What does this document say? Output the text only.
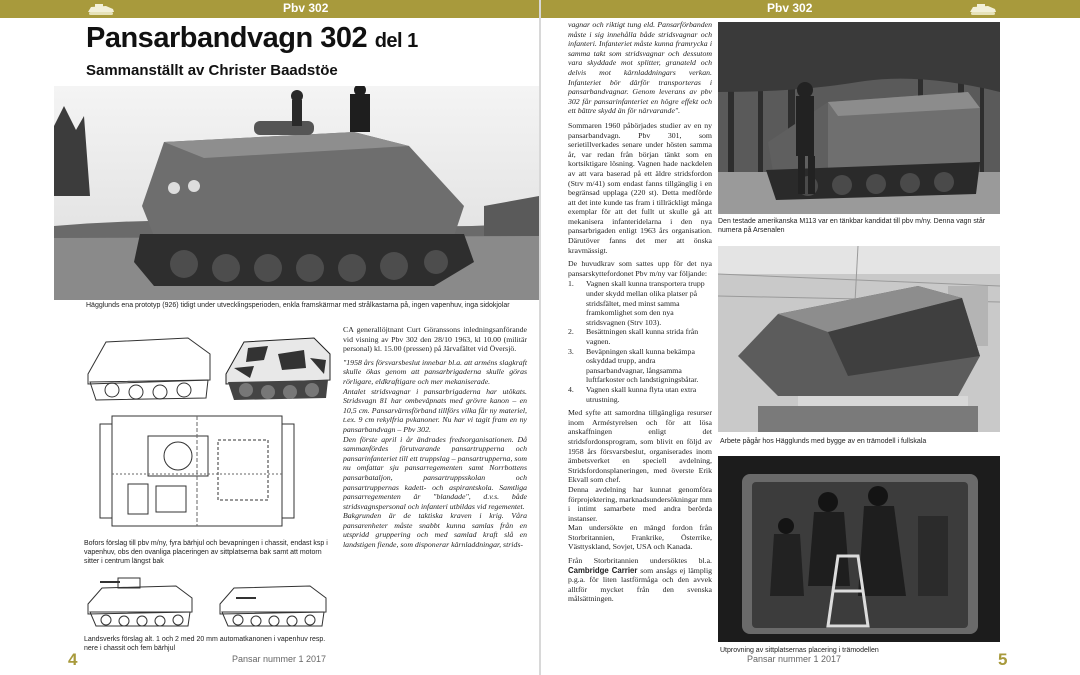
Pbv 302	Pbv 302
Pansarbandvagn 302 del 1
Sammanställt av Christer Baadstöe
Hägglunds ena prototyp (926) tidigt under utvecklingsperioden, enkla framskärmar med strålkastarna på, ingen vapenhuv, inga sidokjolar
Bofors förslag till pbv m/ny, fyra bärhjul och bevapningen i chassit, endast ksp i vapenhuv, obs den ovanliga placeringen av sittplatserna bak samt att motorn sitter i centrum längst bak
Landsverks förslag alt. 1 och 2 med 20 mm automatkanonen i vapenhuv resp. nere i chassit och fem bärhjul

CA generallöjtnant Curt Göranssons inledningsanförande vid visning av Pbv 302 den 28/10 1963, kl 10.00 (militär personal) kl. 15.00 (pressen) på Järvafältet vid Översjö.

"1958 års försvarsbeslut innebar bl.a. att arméns slagkraft skulle ökas genom att pansarbrigaderna skulle göras rörligare, eldkraftigare och mer mekaniserade.

Antalet stridsvagnar i pansarbrigaderna har utökats. Stridsvagn 81 har ombeväpnats med grövre kanon – en 10,5 cm. Pansarvärnsförband tillförs vilka får ny materiel, t.ex. 9 cm rekylfria pvkanoner. Nu har vi tagit fram en ny pansarbandvagn – Pbv 302.

Den förste april i år ändrades fredsorganisationen. Då sammanfördes förutvarande pansartrupperna och pansarinfanteriet till ett truppslag – pansartrupperna, som nu omfattar sju pansarregementen samt Norrbottens pansarbataljon, pansartruppsskolan och pansartruppernas kadett- och aspirantskola. Samtliga pansarregementen är "blandade", d.v.s. både stridsvagnspersonal och infanteri utbildas vid regementet.

Bakgrunden är de taktiska kraven i krig. Våra pansarenheter måste snabbt kunna samlas från en utspridd gruppering och med samlad kraft slå en landstigen fiende, som disponerar kärnladdningar, strids-

vagnar och riktigt tung eld. Pansarförbanden måste i sig innehålla både stridsvagnar och infanteri. Infanteriet måste kunna framrycka i samma takt som stridsvagnar och dessutom vara skyddade mot splitter, granateld och delvis mot kärnladdningars verkan. Infanteriet bör därför transporteras i pansarbandvagnar. Genom leverans av pbv 302 får pansarinfanteriet en högre effekt och ett bättre skydd än för närvarande".

Sommaren 1960 påbörjades studier av en ny pansarbandvagn. Pbv 301, som serietillverkades senare under hösten samma år, var redan från början tänkt som en kortsiktigare lösning. Vagnen hade nackdelen av att vara baserad på ett äldre stridsfordon (Strv m/41) som endast fanns tillgänglig i en begränsad upplaga (220 st). Detta medförde att det inte kunde tas fram i tillräckligt många exemplar för att det fullt ut skulle gå att mekanisera infanteridelarna i den nya pansarbrigaden enligt 1963 års organisation. Därutöver fanns det mer att önska kravmässigt.

De huvudkrav som sattes upp för det nya pansarskyttefordonet Pbv m/ny var följande:

1.	Vagnen skall kunna transportera trupp under skydd mellan olika platser på stridsfältet, med minst samma framkomlighet som den nya stridsvagnen (Strv 103).
2.	Besättningen skall kunna strida från vagnen.
3.	Beväpningen skall kunna bekämpa oskyddad trupp, andra pansarbandvagnar, långsamma luftfarkoster och landstigningsbåtar.
4.	Vagnen skall kunna flyta utan extra utrustning.

Med syfte att samordna tillgängliga resurser inom Arméstyrelsen och för att lösa anskaffningen enligt det stridsfordonsprogram, som blivit en följd av 1958 års försvarsbeslut, organiserades inom ämbetsverket en speciell avdelning, Stridsfordonsplaneringen, med överste Erik Ekvall som chef.

Denna avdelning har kunnat genomföra förprojektering, marknadsundersökningar mm i intimt samarbete med andra berörda instanser.

Man undersökte en mängd fordon från Storbritannien, Frankrike, Österrike, Västtyskland, Sovjet, USA och Kanada.

Från Storbritannien undersöktes bl.a. Cambridge Carrier som ansågs ej lämplig p.g.a. för liten lastförmåga och den avvek alltför mycket från den svenska målsättningen.

Den testade amerikanska M113 var en tänkbar kandidat till pbv m/ny. Denna vagn står numera på Arsenalen
Arbete pågår hos Hägglunds med bygge av en trämodell i fullskala
Utprovning av sittplatsernas placering i trämodellen
4	Pansar nummer 1 2017	Pansar nummer 1 2017	5
